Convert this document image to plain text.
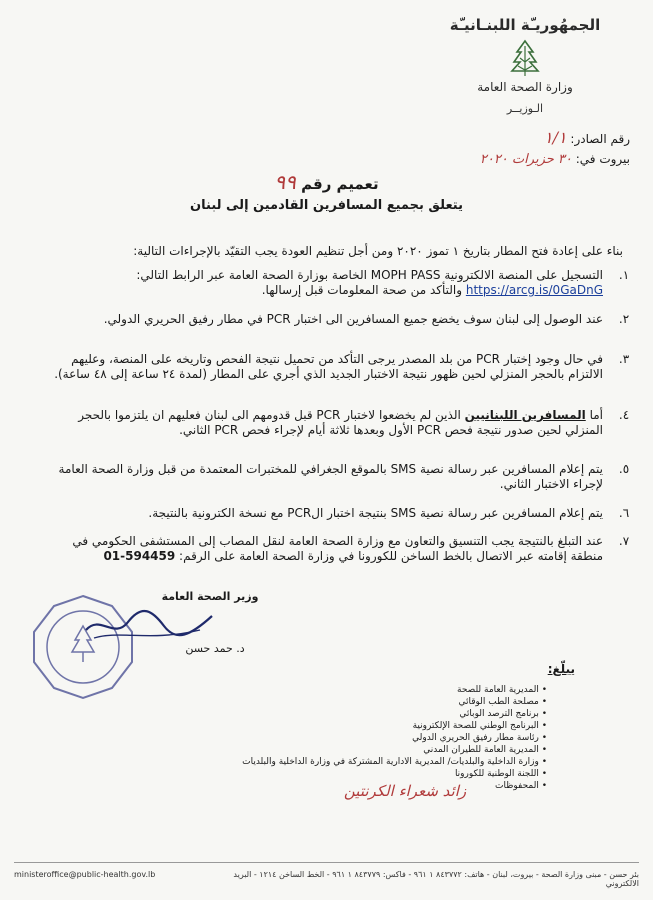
الجمهُوريـّة اللبنـانيـّة
وزارة الصحة العامة
الـوزيــر
رقم الصادر: ١/١
بيروت في: ٣٠ حزيرات ٢٠٢٠
تعميم رقم ٩٩
يتعلق بجميع المسافرين القادمين إلى لبنان
بناء على إعادة فتح المطار بتاريخ ١ تموز ٢٠٢٠ ومن أجل تنظيم العودة يجب التقيّد بالإجراءات التالية:
١.
التسجيل على المنصة الالكترونية MOPH PASS الخاصة بوزارة الصحة العامة عبر الرابط التالي: https://arcg.is/0GaDnG والتأكد من صحة المعلومات قبل إرسالها.
٢.
عند الوصول إلى لبنان سوف يخضع جميع المسافرين الى اختبار PCR في مطار رفيق الحريري الدولي.
٣.
في حال وجود إختبار PCR من بلد المصدر يرجى التأكد من تحميل نتيجة الفحص وتاريخه على المنصة، وعليهم الالتزام بالحجر المنزلي لحين ظهور نتيجة الاختبار الجديد الذي أجري على المطار (لمدة ٢٤ ساعة إلى ٤٨ ساعة).
٤.
أما المسافرين اللبنانيين الذين لم يخضعوا لاختبار PCR قبل قدومهم الى لبنان فعليهم ان يلتزموا بالحجر المنزلي لحين صدور نتيجة فحص PCR الأول وبعدها ثلاثة أيام لإجراء فحص PCR الثاني.
٥.
يتم إعلام المسافرين عبر رسالة نصية SMS بالموقع الجغرافي للمختبرات المعتمدة من قبل وزارة الصحة العامة لإجراء الاختبار الثاني.
٦.
يتم إعلام المسافرين عبر رسالة نصية SMS بنتيجة اختبار الPCR مع نسخة الكترونية بالنتيجة.
٧.
عند التبلغ بالنتيجة يجب التنسيق والتعاون مع وزارة الصحة العامة لنقل المصاب إلى المستشفى الحكومي في منطقة إقامته عبر الاتصال بالخط الساخن للكورونا في وزارة الصحة العامة على الرقم: 01-594459
وزير الصحة العامة
د. حمد حسن
يبلّغ:
• المديرية العامة للصحة
• مصلحة الطب الوقائي
• برنامج الترصد الوبائي
• البرنامج الوطني للصحة الإلكترونية
• رئاسة مطار رفيق الحريري الدولي
• المديرية العامة للطيران المدني
• وزارة الداخلية والبلديات/ المديرية الادارية المشتركة في وزارة الداخلية والبلديات
• اللجنة الوطنية للكورونا
• المحفوظات
زائد شعراء الكرنتين
ministeroffice@public-health.gov.lb	بئر حسن - مبنى وزارة الصحة - بيروت، لبنان - هاتف: ٨٤٣٧٧٢ ١ ٩٦١ - فاكس: ٨٤٣٧٧٩ ١ ٩٦١ - الخط الساخن ١٢١٤ - البريد الالكتروني
